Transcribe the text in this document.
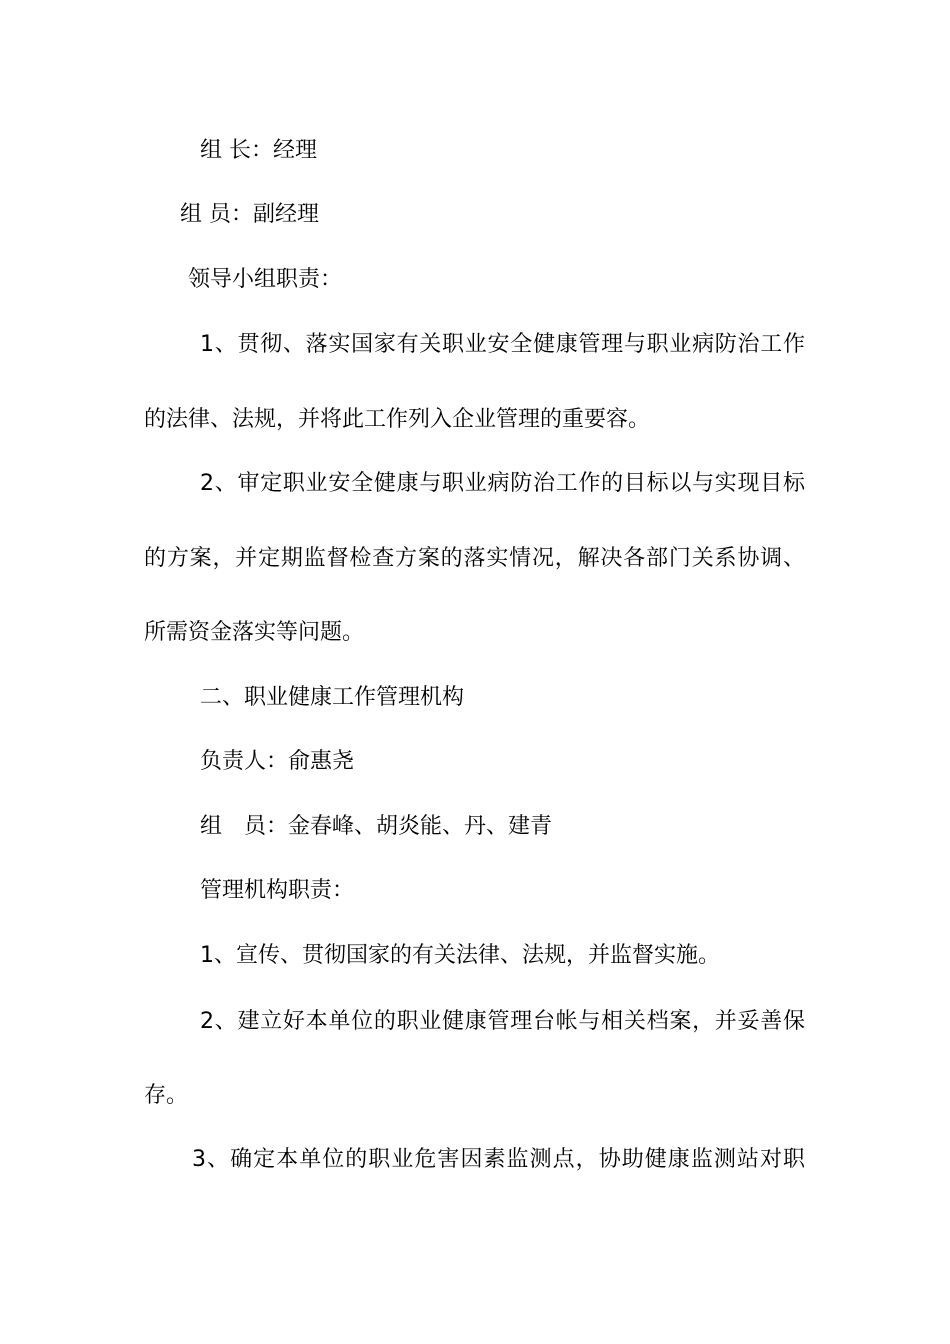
组 长：经理
组 员：副经理
领导小组职责：
1、贯彻、落实国家有关职业安全健康管理与职业病防治工作
的法律、法规，并将此工作列入企业管理的重要容。
2、审定职业安全健康与职业病防治工作的目标以与实现目标
的方案，并定期监督检查方案的落实情况，解决各部门关系协调、
所需资金落实等问题。
二、职业健康工作管理机构
负责人：俞惠尧
组　员：金春峰、胡炎能、丹、建青
管理机构职责：
1、宣传、贯彻国家的有关法律、法规，并监督实施。
2、建立好本单位的职业健康管理台帐与相关档案，并妥善保
存。
3、确定本单位的职业危害因素监测点，协助健康监测站对职
